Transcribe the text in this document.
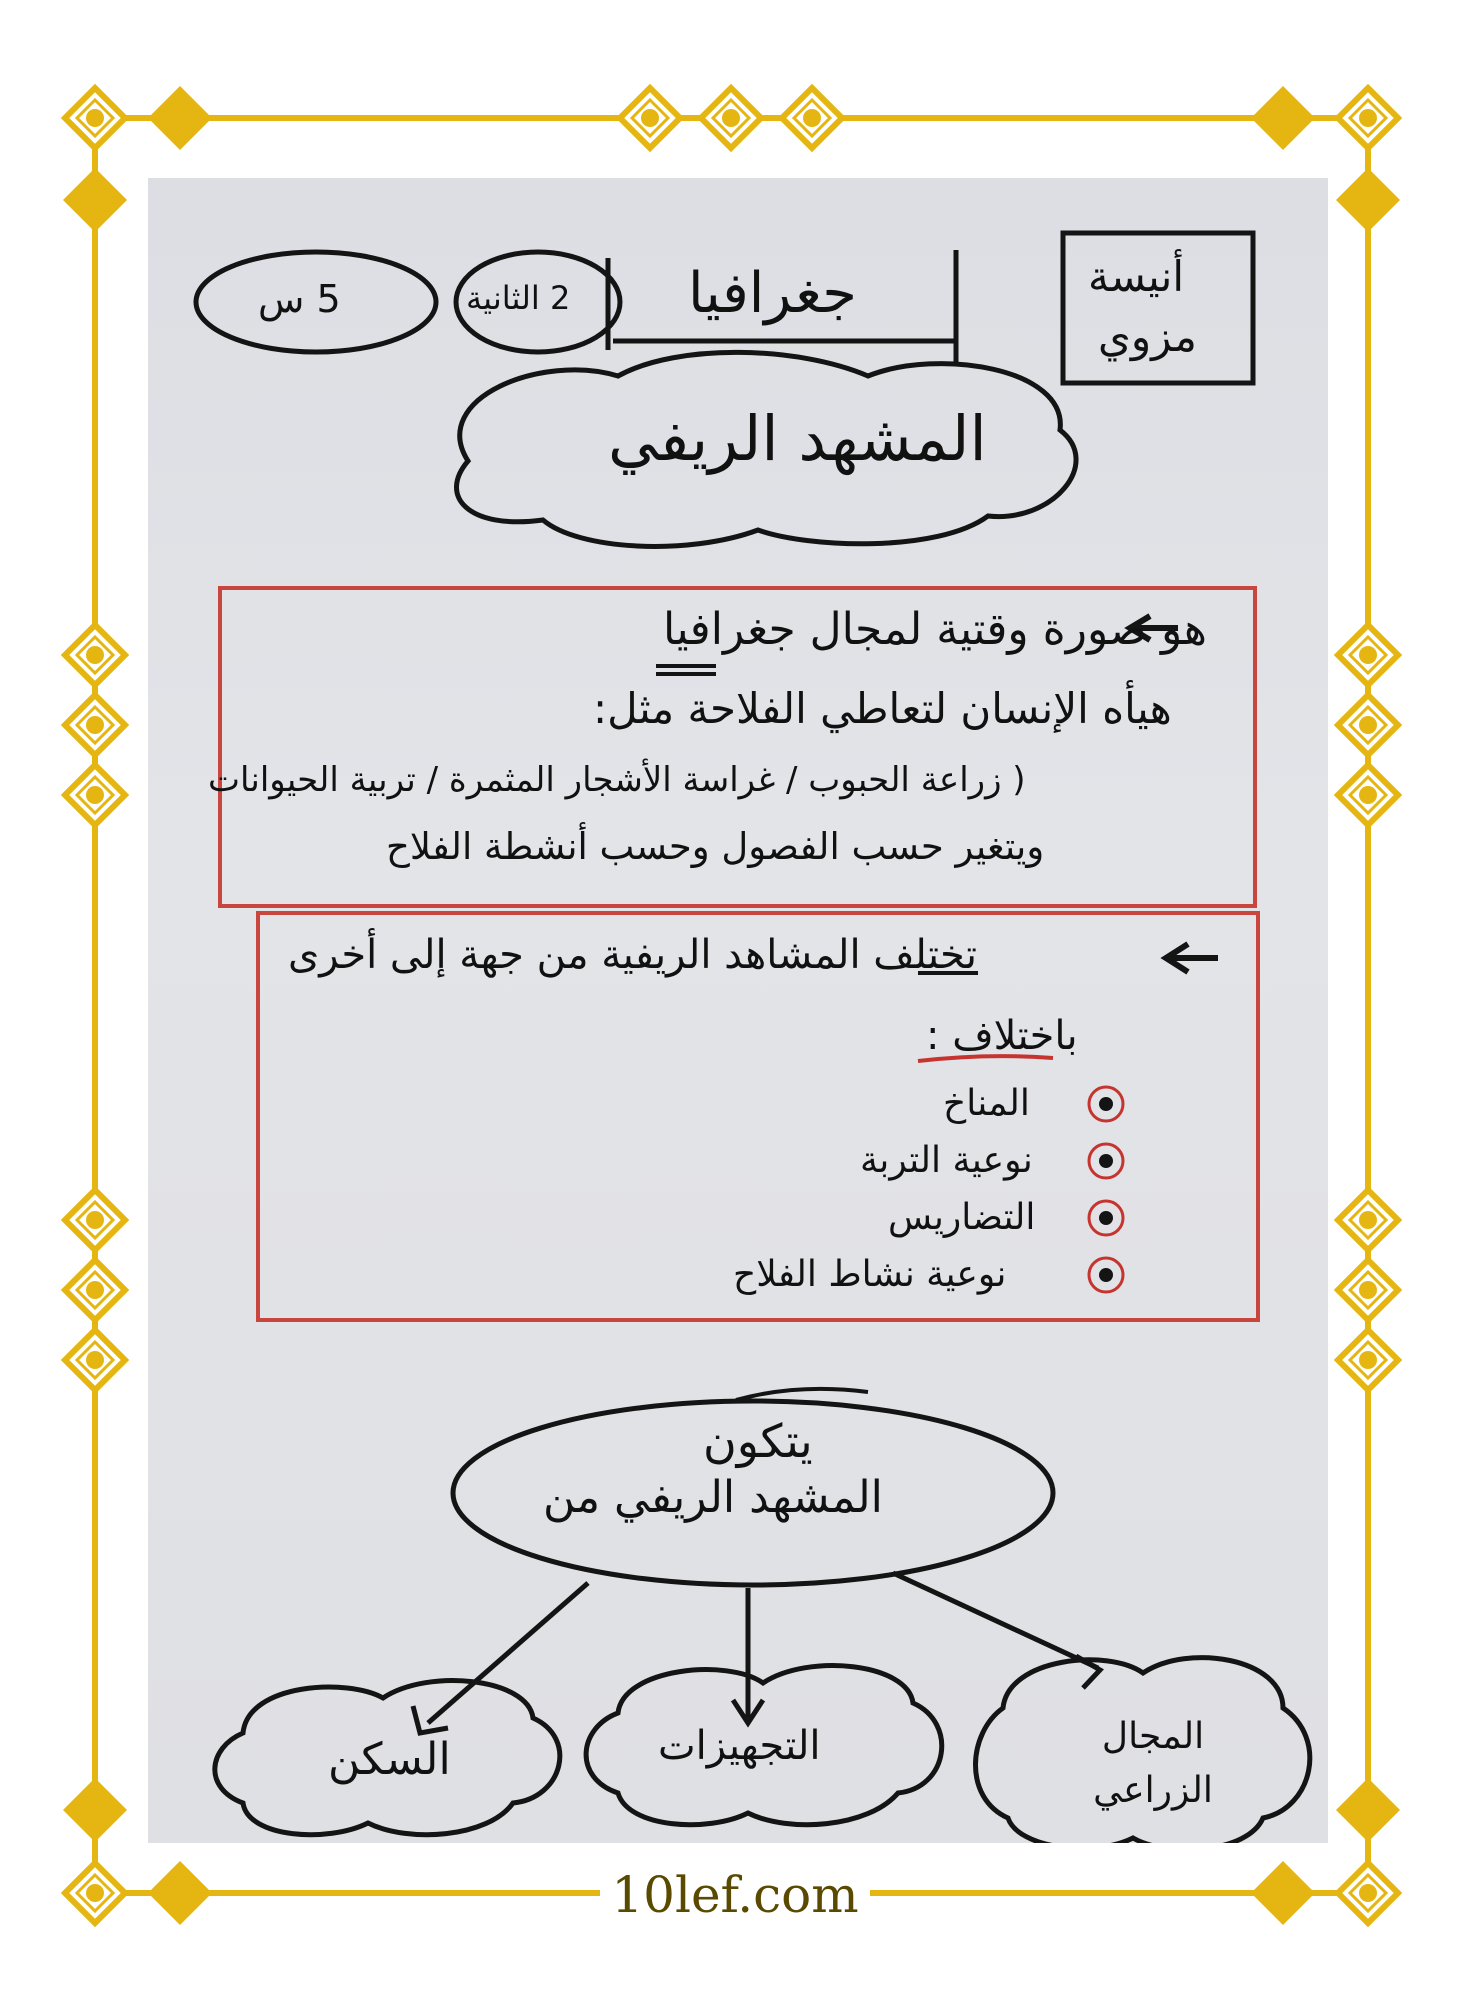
أنيسة
مزوي
جغرافيا
2 الثانية
5 س
المشهد الريفي
هو صورة وقتية لمجال جغرافيا
هيأه الإنسان لتعاطي الفلاحة مثل:
( زراعة الحبوب / غراسة الأشجار المثمرة / تربية الحيوانات
ويتغير حسب الفصول وحسب أنشطة الفلاح
تختلف المشاهد الريفية من جهة إلى أخرى
باختلاف :
المناخ
نوعية التربة
التضاريس
نوعية نشاط الفلاح
يتكون
المشهد الريفي من
المجال الزراعي
التجهيزات
السكن
10lef.com
